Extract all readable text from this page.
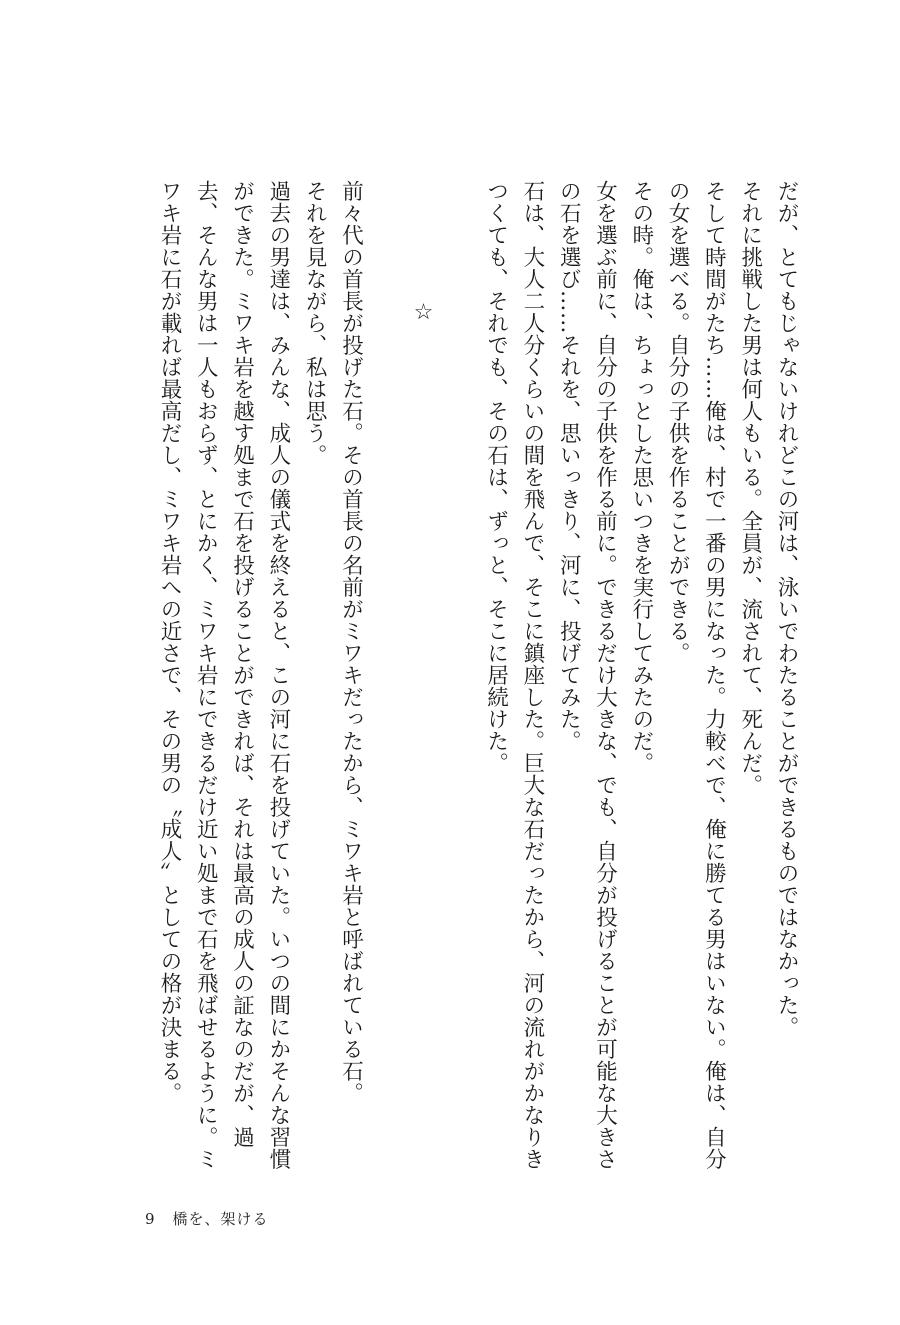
だが、とてもじゃないけれどこの河は、泳いでわたることができるものではなかった。

それに挑戦した男は何人もいる。全員が、流されて、死んだ。

そして時間がたち……俺は、村で一番の男になった。力較べで、俺に勝てる男はいない。俺は、自分の女を選べる。自分の子供を作ることができる。

その時。俺は、ちょっとした思いつきを実行してみたのだ。

女を選ぶ前に、自分の子供を作る前に。できるだけ大きな、でも、自分が投げることが可能な大きさの石を選び……それを、思いっきり、河に、投げてみた。

石は、大人二人分くらいの間を飛んで、そこに鎮座した。巨大な石だったから、河の流れがかなりきつくても、それでも、その石は、ずっと、そこに居続けた。

☆

前々代の首長が投げた石。その首長の名前がミワキだったから、ミワキ岩と呼ばれている石。

それを見ながら、私は思う。

過去の男達は、みんな、成人の儀式を終えると、この河に石を投げていた。いつの間にかそんな習慣ができた。ミワキ岩を越す処まで石を投げることができれば、それは最高の成人の証なのだが、過去、そんな男は一人もおらず、とにかく、ミワキ岩にできるだけ近い処まで石を飛ばせるように。ミワキ岩に石が載れば最高だし、ミワキ岩への近さで、その男の〝成人〟としての格が決まる。

9 橋を、架ける
